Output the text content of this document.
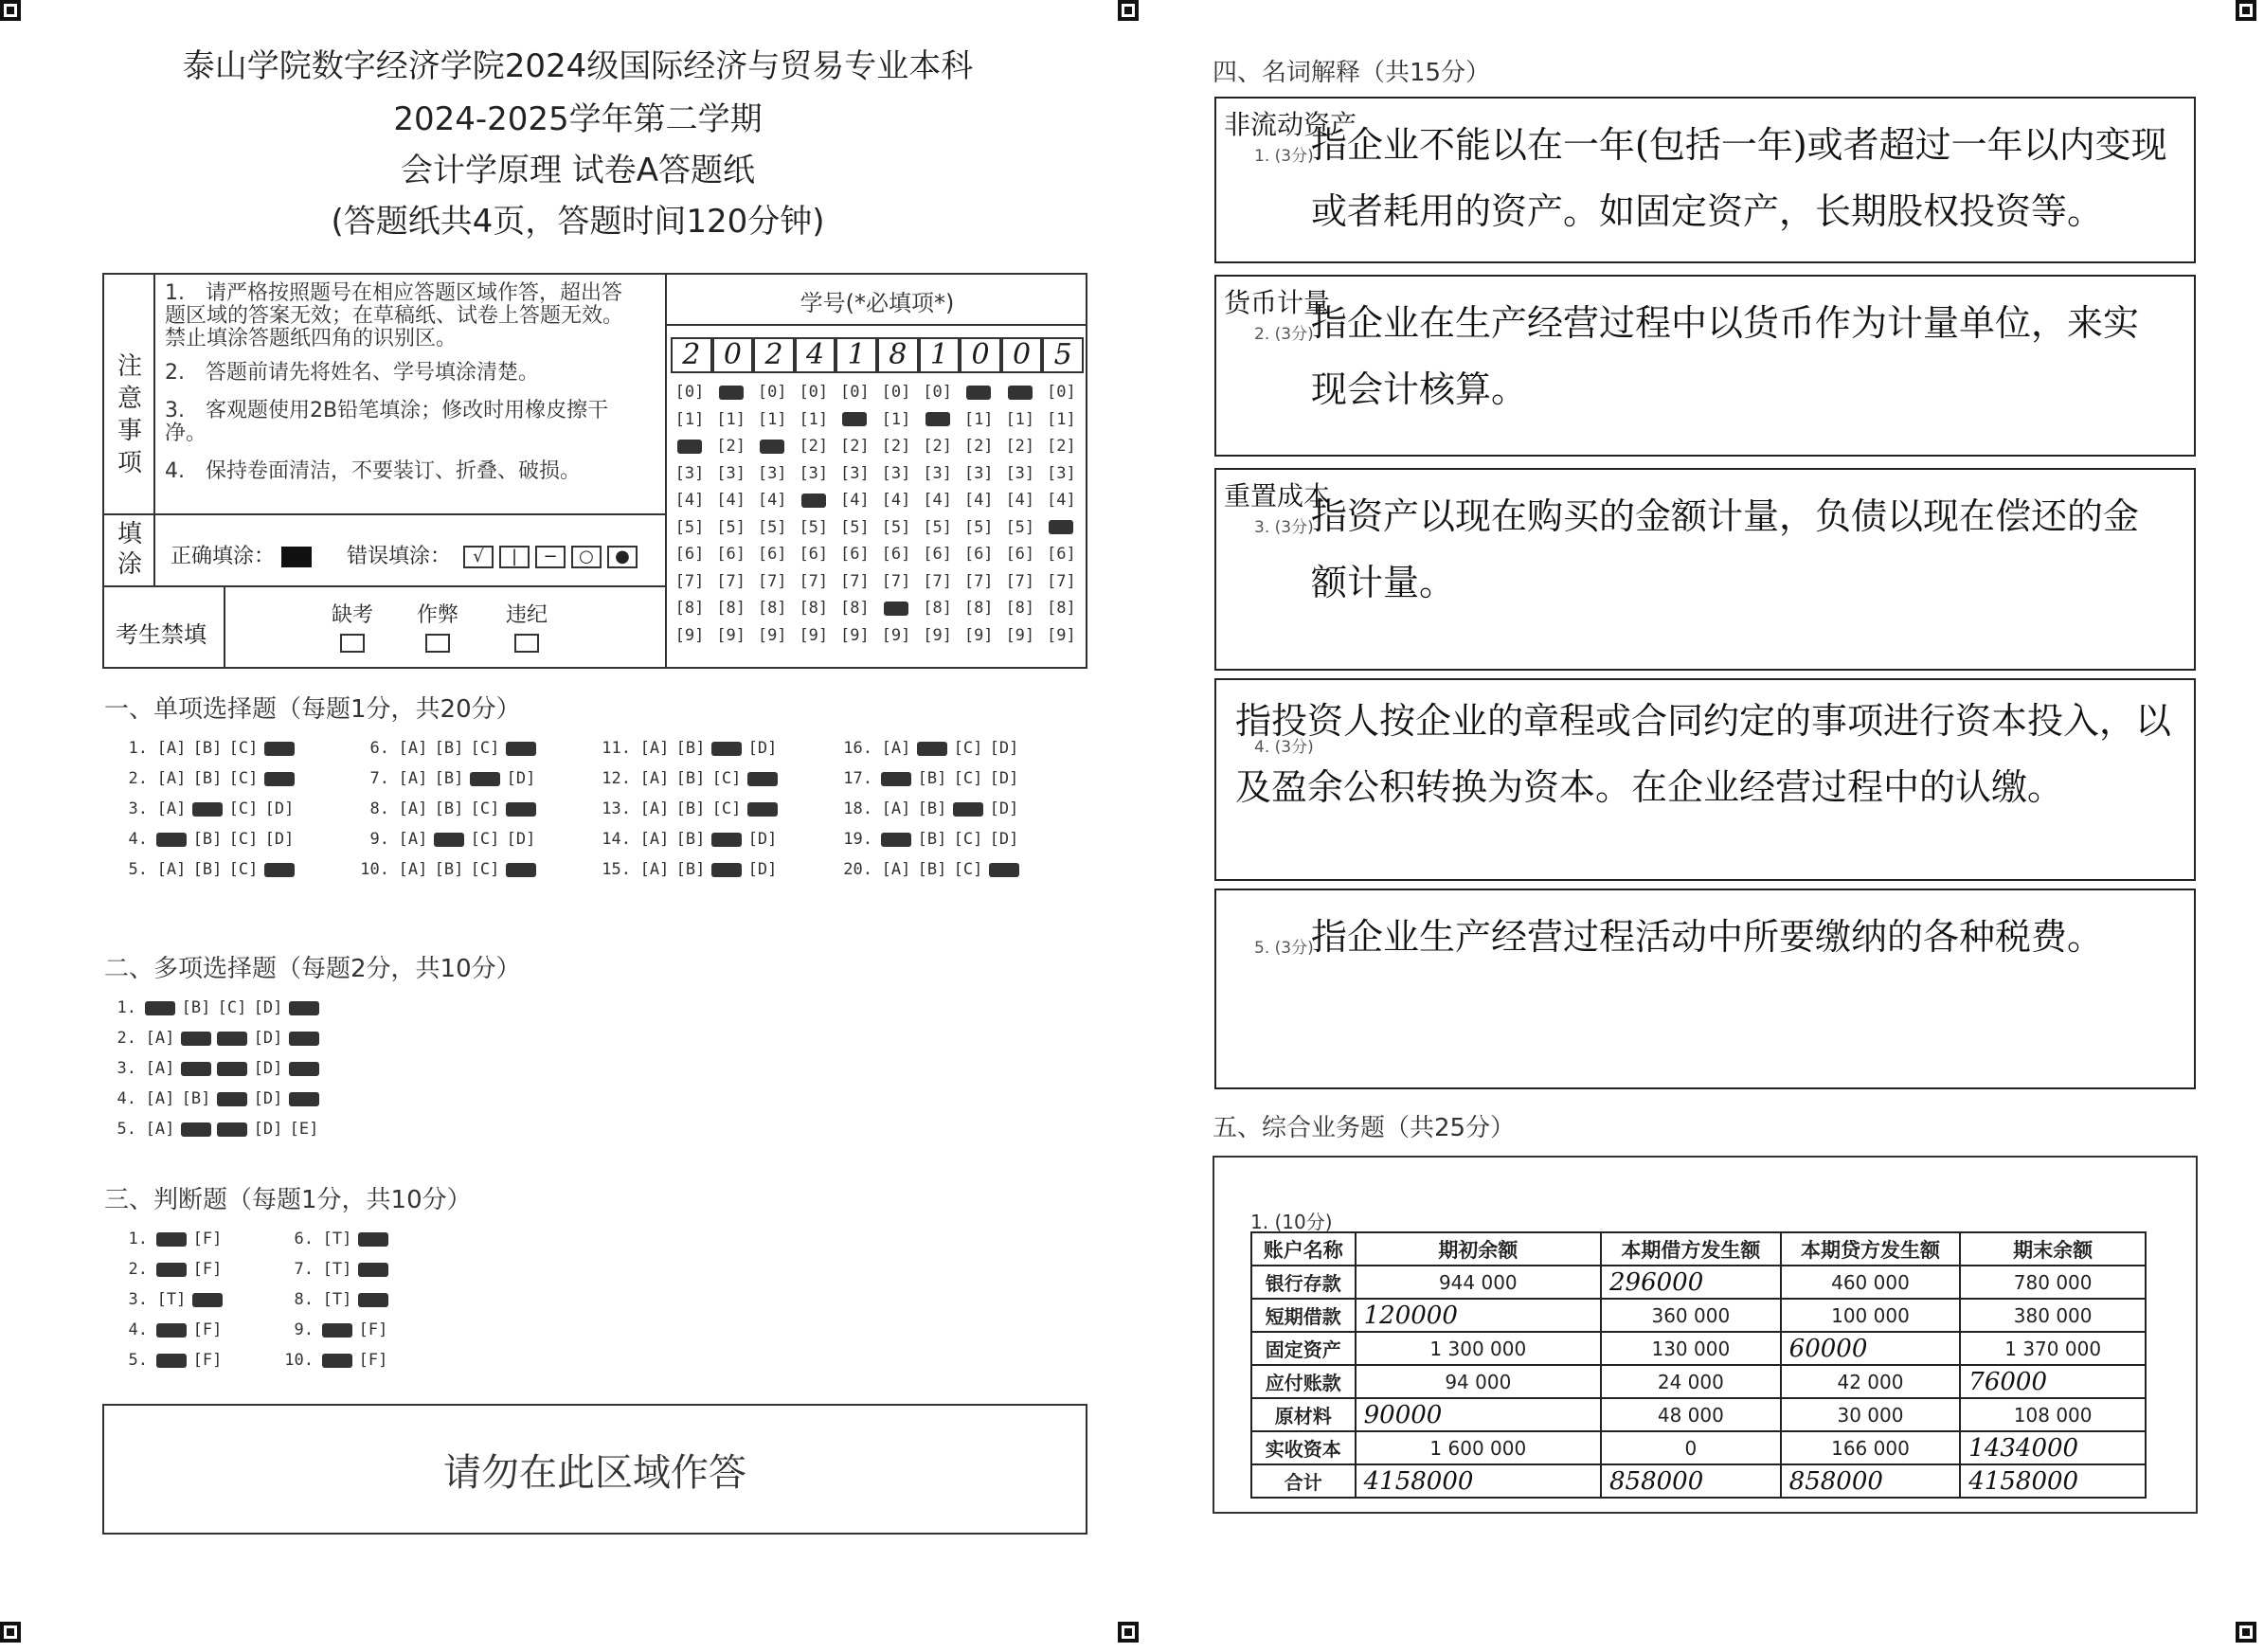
泰山学院数字经济学院2024级国际经济与贸易专业本科
2024-2025学年第二学期
会计学原理 试卷A答题纸
(答题纸共4页，答题时间120分钟)
注
意
事
项
1.　请严格按照题号在相应答题区域作答，超出答题区域的答案无效；在草稿纸、试卷上答题无效。禁止填涂答题纸四角的识别区。
2.　答题前请先将姓名、学号填涂清楚。
3.　客观题使用2B铅笔填涂；修改时用橡皮擦干净。
4.　保持卷面清洁，不要装订、折叠、破损。
填
涂 正确填涂：	错误填涂： √ | − ○ ●
考生禁填
缺考	作弊	违纪
学号(*必填项*)
2 0 2 4 1 8 1 0 0 5
[0]	[0] [0] [0] [0] [0]	[0]
[1] [1] [1] [1]	[1]	[1] [1] [1]
[2]	[2] [2] [2] [2] [2] [2] [2]
[3] [3] [3] [3] [3] [3] [3] [3] [3] [3]
[4] [4] [4]	[4] [4] [4] [4] [4] [4]
[5] [5] [5] [5] [5] [5] [5] [5] [5]
[6] [6] [6] [6] [6] [6] [6] [6] [6] [6]
[7] [7] [7] [7] [7] [7] [7] [7] [7] [7]
[8] [8] [8] [8] [8]	[8] [8] [8] [8]
[9] [9] [9] [9] [9] [9] [9] [9] [9] [9]
一、单项选择题（每题1分，共20分）
1. [A] [B] [C]
2. [A] [B] [C]
3. [A]	[C] [D]
4.	[B] [C] [D]
5. [A] [B] [C]
6. [A] [B] [C]
7. [A] [B]	[D]
8. [A] [B] [C]
9. [A]	[C] [D]
10. [A] [B] [C]
11. [A] [B]	[D]
12. [A] [B] [C]
13. [A] [B] [C]
14. [A] [B]	[D]
15. [A] [B]	[D]
16. [A]	[C] [D]
17.	[B] [C] [D]
18. [A] [B]	[D]
19.	[B] [C] [D]
20. [A] [B] [C]
二、多项选择题（每题2分，共10分）
1.	[B] [C] [D]
2. [A]	[D]
3. [A]	[D]
4. [A] [B]	[D]
5. [A]	[D] [E]
三、判断题（每题1分，共10分）
1.	[F]
2.	[F]
3. [T]
4.	[F]
5.	[F]
6. [T]
7. [T]
8. [T]
9.	[F]
10.	[F]
请勿在此区域作答
四、名词解释（共15分）
1. (3分)
非流动资产
指企业不能以在一年(包括一年)或者超过一年以内变现或者耗用的资产。如固定资产，长期股权投资等。
2. (3分)
货币计量
指企业在生产经营过程中以货币作为计量单位，来实现会计核算。
3. (3分)
重置成本
指资产以现在购买的金额计量，负债以现在偿还的金额计量。
4. (3分)
指投资人按企业的章程或合同约定的事项进行资本投入，以及盈余公积转换为资本。在企业经营过程中的认缴。
5. (3分)
指企业生产经营过程活动中所要缴纳的各种税费。
五、综合业务题（共25分）
1. (10分)
账户名称	期初余额	本期借方发生额	本期贷方发生额	期末余额
银行存款	944 000	296000	460 000	780 000
短期借款	120000	360 000	100 000	380 000
固定资产	1 300 000	130 000	60000	1 370 000
应付账款	94 000	24 000	42 000	76000
原材料	90000	48 000	30 000	108 000
实收资本	1 600 000	0	166 000	1434000
合计	4158000	858000	858000	4158000
